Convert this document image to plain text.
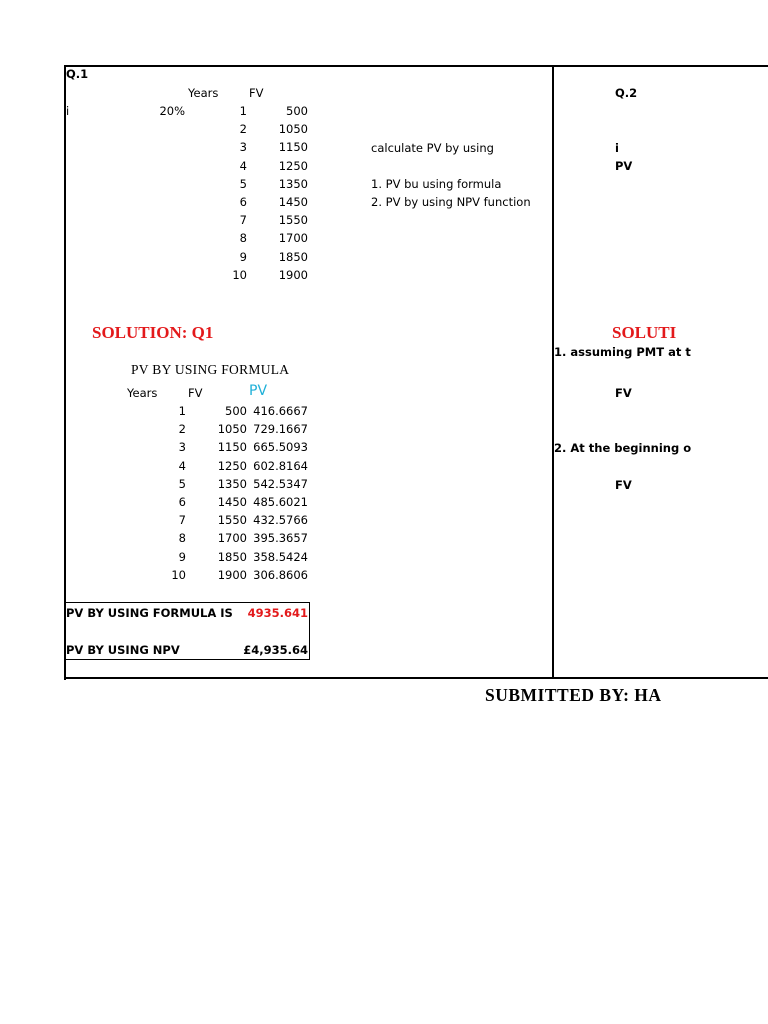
Q.1
Years	FV
i	20%	1	500
2	1050
3	1150
4	1250
5	1350
6	1450
7	1550
8	1700
9	1850
10	1900
calculate PV by using
1. PV bu using formula
2. PV by using NPV function
SOLUTION: Q1
PV BY USING FORMULA
Years	FV	PV
1	500 416.6667
2	1050 729.1667
3	1150 665.5093
4	1250 602.8164
5	1350 542.5347
6	1450 485.6021
7	1550 432.5766
8	1700 395.3657
9	1850 358.5424
10	1900 306.8606
PV BY USING FORMULA IS	4935.641
PV BY USING NPV	£4,935.64
Q.2
i
PV
SOLUTI
1. assuming PMT at t
FV
2. At the beginning o
FV
SUBMITTED BY: HA
